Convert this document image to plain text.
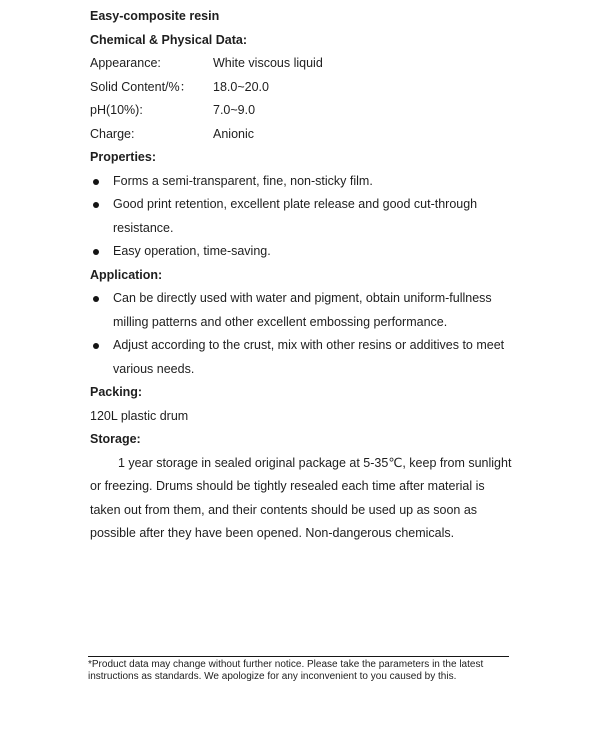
Easy-composite resin

Chemical & Physical Data:

Appearance:	White viscous liquid
Solid Content/%：	18.0~20.0
pH(10%):	7.0~9.0
Charge:	Anionic

Properties:

Forms a semi-transparent, fine, non-sticky film.
Good print retention, excellent plate release and good cut-through resistance.
Easy operation, time-saving.

Application:

Can be directly used with water and pigment, obtain uniform-fullness milling patterns and other excellent embossing performance.
Adjust according to the crust, mix with other resins or additives to meet various needs.

Packing:

120L plastic drum

Storage:

1 year storage in sealed original package at 5-35℃, keep from sunlight or freezing. Drums should be tightly resealed each time after material is taken out from them, and their contents should be used up as soon as possible after they have been opened. Non-dangerous chemicals.

*Product data may change without further notice. Please take the parameters in the latest instructions as standards. We apologize for any inconvenient to you caused by this.
